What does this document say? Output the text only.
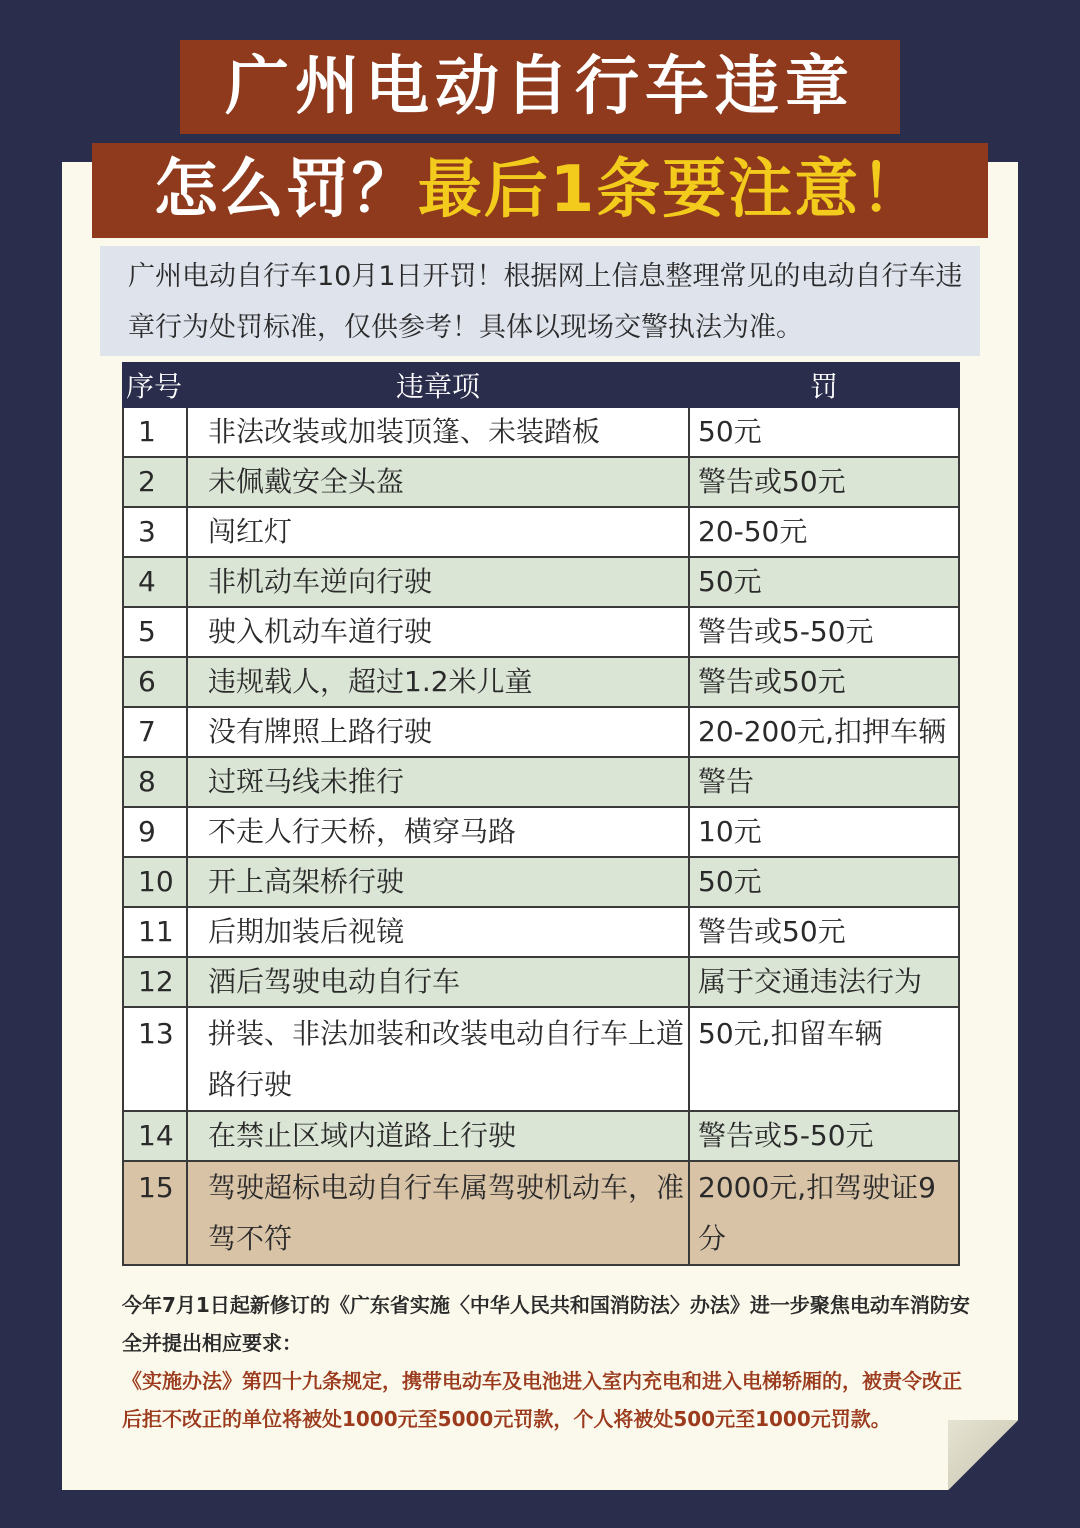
广州电动自行车违章
怎么罚？最后1条要注意！
广州电动自行车10月1日开罚！根据网上信息整理常见的电动自行车违章行为处罚标准，仅供参考！具体以现场交警执法为准。
序号	违章项	罚
1	非法改装或加装顶篷、未装踏板	50元
2	未佩戴安全头盔	警告或50元
3	闯红灯	20-50元
4	非机动车逆向行驶	50元
5	驶入机动车道行驶	警告或5-50元
6	违规载人，超过1.2米儿童	警告或50元
7	没有牌照上路行驶	20-200元,扣押车辆
8	过斑马线未推行	警告
9	不走人行天桥，横穿马路	10元
10	开上高架桥行驶	50元
11	后期加装后视镜	警告或50元
12	酒后驾驶电动自行车	属于交通违法行为
13	拼装、非法加装和改装电动自行车上道路行驶	50元,扣留车辆
14	在禁止区域内道路上行驶	警告或5-50元
15	驾驶超标电动自行车属驾驶机动车，准驾不符	2000元,扣驾驶证9分
今年7月1日起新修订的《广东省实施〈中华人民共和国消防法〉办法》进一步聚焦电动车消防安全并提出相应要求：
《实施办法》第四十九条规定，携带电动车及电池进入室内充电和进入电梯轿厢的，被责令改正后拒不改正的单位将被处1000元至5000元罚款，个人将被处500元至1000元罚款。
